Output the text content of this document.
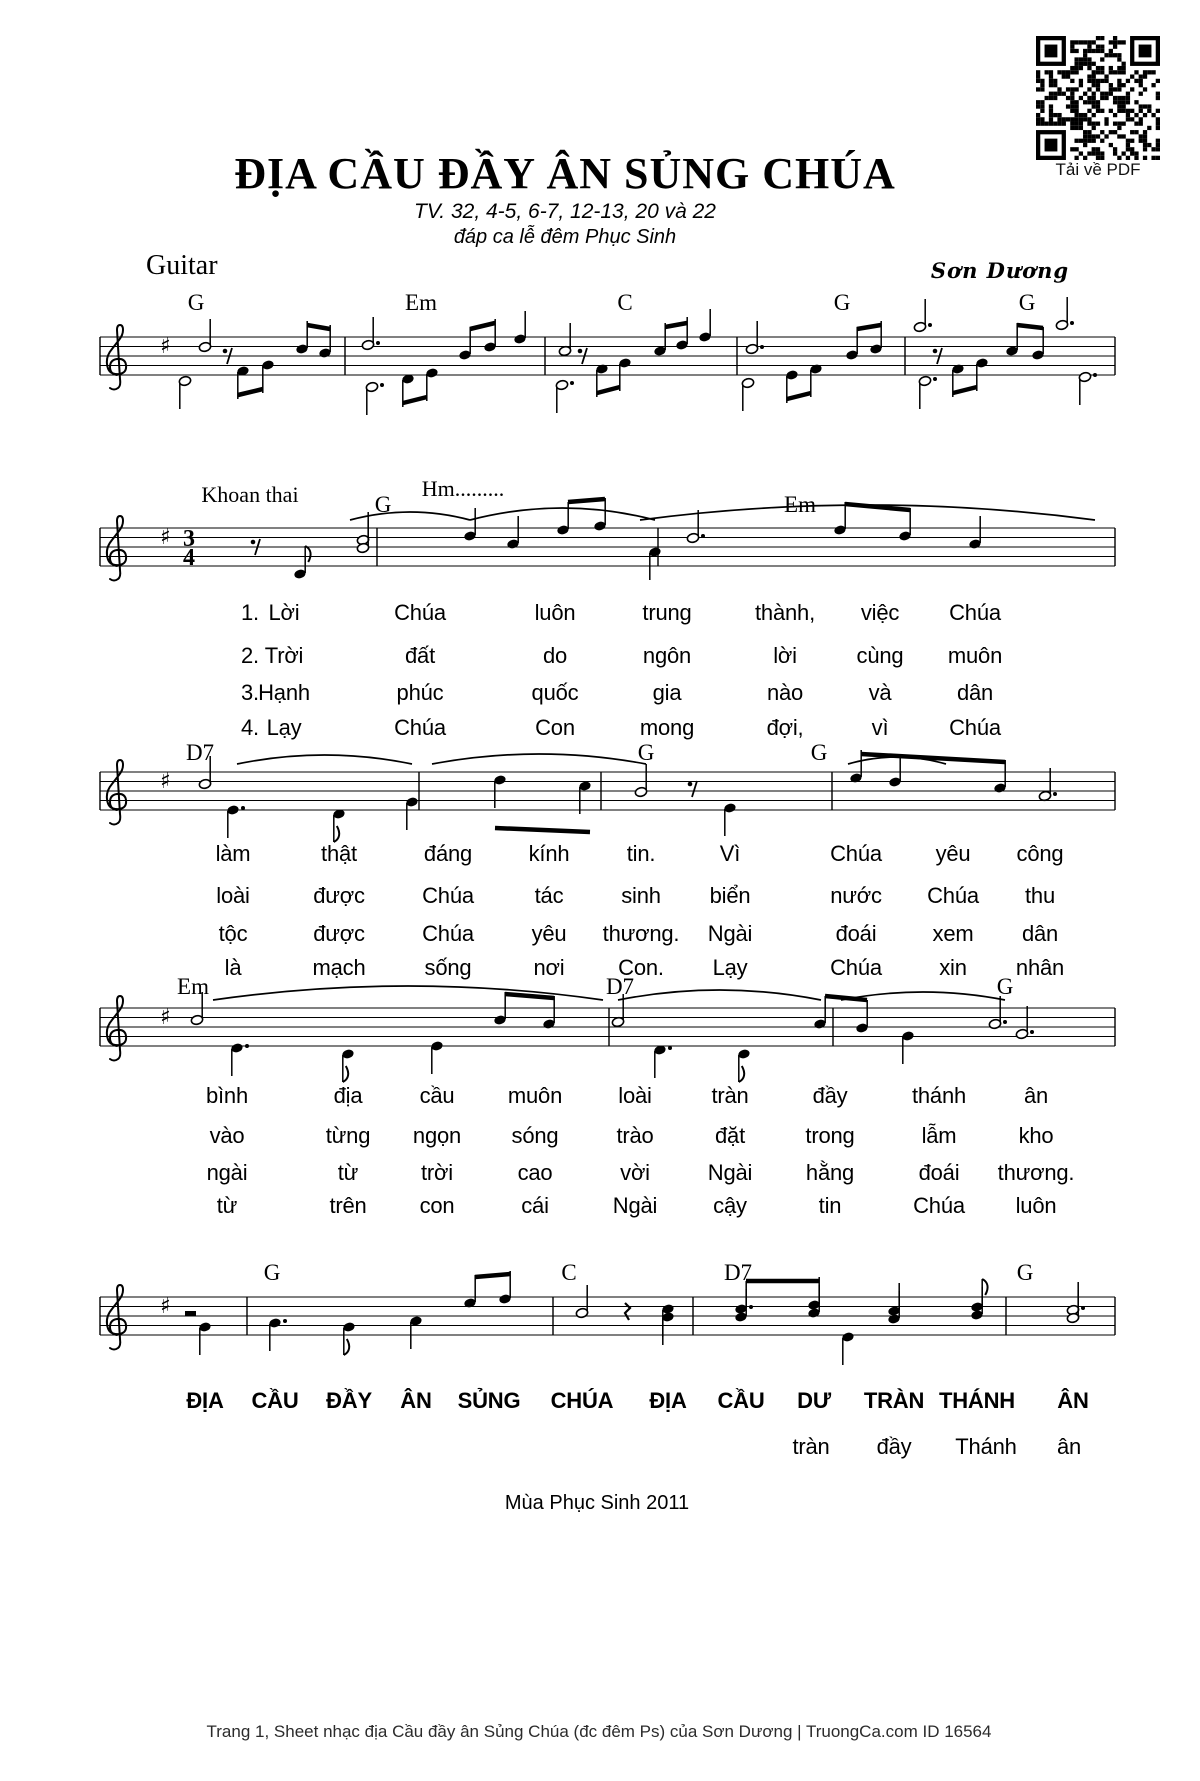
Tải về PDF
ĐỊA CẦU ĐẦY ÂN SỦNG CHÚA
TV. 32, 4-5, 6-7, 12-13, 20 và 22
đáp ca lễ đêm Phục Sinh
Guitar	Sơn Dương
♯
♯ 3
4
♯
♯
♯
G	Em	C	G	G
G	Em
Khoan thai	Hm.........
D7	G	G
Em	D7	G
G	C	D7	G
1. Lời	Chúa	luôn	trung	thành, việc Chúa
2. Trời	đất	do	ngôn	lời	cùng muôn
3. Hạnh	phúc	quốc	gia	nào	và	dân
4. Lạy	Chúa	Con	mong	đợi,	vì	Chúa
làm	thật	đáng	kính	tin.	Vì	Chúa yêu công
loài	được	Chúa	tác	sinh biển	nước Chúa thu
tộc	được	Chúa	yêu thương. Ngài	đoái	xem dân
là	mạch	sống	nơi Con. Lạy	Chúa	xin nhân
bình	địa	cầu muôn	loài	tràn	đầy	thánh	ân
vào	từng ngọn sóng	trào	đặt	trong	lẫm	kho
ngài	từ	trời	cao	vời	Ngài hằng	đoái thương.
từ	trên con	cái	Ngài	cậy	tin	Chúa luôn
ĐỊA CẦU ĐẦY ÂN SỦNG CHÚA ĐỊA CẦU DƯ TRÀN THÁNH ÂN
tràn đầy Thánh ân
Mùa Phục Sinh 2011
Trang 1, Sheet nhạc địa Cầu đầy ân Sủng Chúa (đc đêm Ps) của Sơn Dương | TruongCa.com ID 16564
